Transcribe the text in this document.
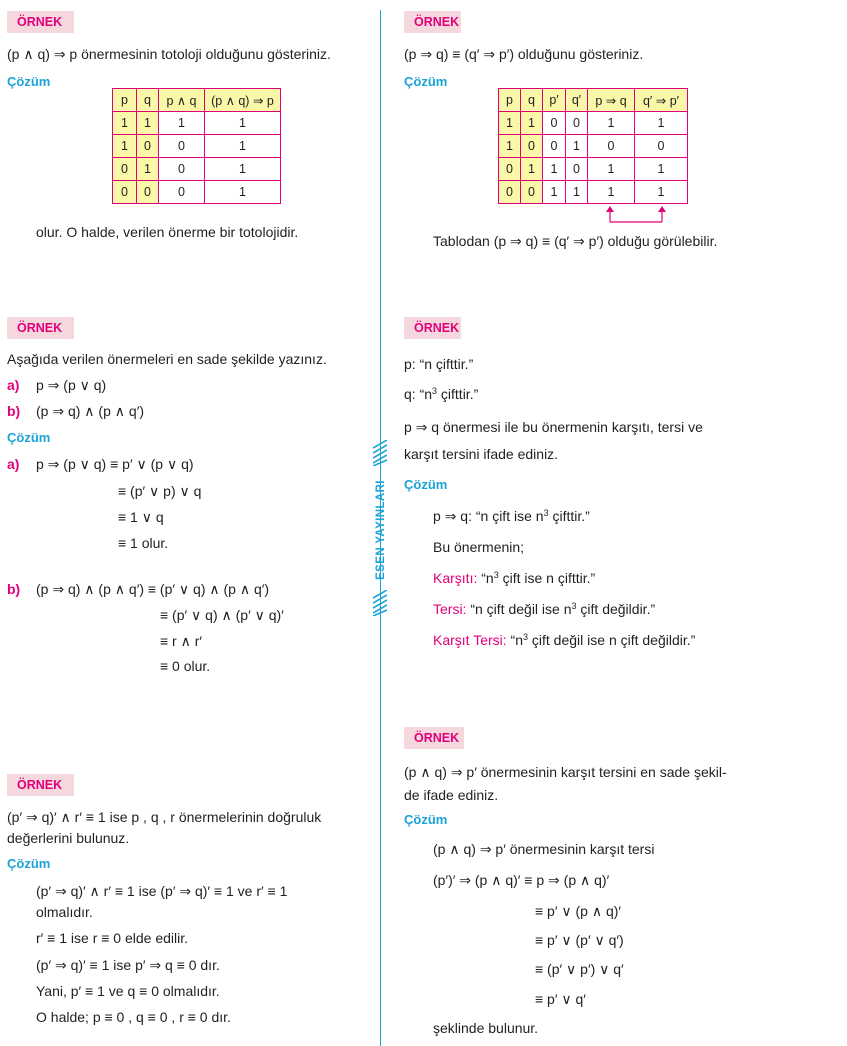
ESEN YAYINLARI
ÖRNEK
(p ∧ q) ⇒ p önermesinin totoloji olduğunu gösteriniz.
Çözüm
p	q	p ∧ q	(p ∧ q) ⇒ p
1	1	1	1
1	0	0	1
0	1	0	1
0	0	0	1
olur. O halde, verilen önerme bir totolojidir.
ÖRNEK
(p ⇒ q) ≡ (q′ ⇒ p′) olduğunu gösteriniz.
Çözüm
p	q	p′	q′	p ⇒ q	q′ ⇒ p′
1	1	0	0	1	1
1	0	0	1	0	0
0	1	1	0	1	1
0	0	1	1	1	1
Tablodan (p ⇒ q) ≡ (q′ ⇒ p′) olduğu görülebilir.
ÖRNEK
Aşağıda verilen önermeleri en sade şekilde yazınız.
a) p ⇒ (p ∨ q)
b) (p ⇒ q) ∧ (p ∧ q′)
Çözüm
a) p ⇒ (p ∨ q) ≡ p′ ∨ (p ∨ q)
≡ (p′ ∨ p) ∨ q
≡ 1 ∨ q
≡ 1 olur.
b) (p ⇒ q) ∧ (p ∧ q′) ≡ (p′ ∨ q) ∧ (p ∧ q′)
≡ (p′ ∨ q) ∧ (p′ ∨ q)′
≡ r ∧ r′
≡ 0 olur.
ÖRNEK
p: “n çifttir.”
q: “$n^3$ çifttir.”
p ⇒ q önermesi ile bu önermenin karşıtı, tersi ve
karşıt tersini ifade ediniz.
Çözüm
p ⇒ q: “n çift ise $n^3$ çifttir.”
Bu önermenin;
Karşıtı: “$n^3$ çift ise n çifttir.”
Tersi: “n çift değil ise $n^3$ çift değildir.”
Karşıt Tersi: “$n^3$ çift değil ise n çift değildir.”
ÖRNEK
(p′ ⇒ q)′ ∧ r′ ≡ 1 ise p , q , r önermelerinin doğruluk
değerlerini bulunuz.
Çözüm
(p′ ⇒ q)′ ∧ r′ ≡ 1 ise (p′ ⇒ q)′ ≡ 1 ve r′ ≡ 1
olmalıdır.
r′ ≡ 1 ise r ≡ 0 elde edilir.
(p′ ⇒ q)′ ≡ 1 ise p′ ⇒ q ≡ 0 dır.
Yani, p′ ≡ 1 ve q ≡ 0 olmalıdır.
O halde; p ≡ 0 , q ≡ 0 , r ≡ 0 dır.
ÖRNEK
(p ∧ q) ⇒ p′ önermesinin karşıt tersini en sade şekil-
de ifade ediniz.
Çözüm
(p ∧ q) ⇒ p′ önermesinin karşıt tersi
(p′)′ ⇒ (p ∧ q)′ ≡ p ⇒ (p ∧ q)′
≡ p′ ∨ (p ∧ q)′
≡ p′ ∨ (p′ ∨ q′)
≡ (p′ ∨ p′) ∨ q′
≡ p′ ∨ q′
şeklinde bulunur.
